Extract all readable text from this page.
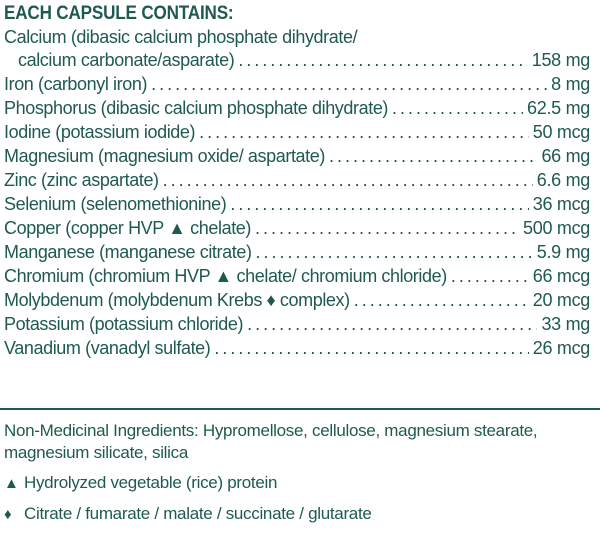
EACH CAPSULE CONTAINS:
Calcium (dibasic calcium phosphate dihydrate/
calcium carbonate/asparate) .....	158 mg
Iron (carbonyl iron) .....	8 mg
Phosphorus (dibasic calcium phosphate dihydrate) .....	62.5 mg
Iodine (potassium iodide) .....	50 mcg
Magnesium (magnesium oxide/ aspartate) .....	66 mg
Zinc (zinc aspartate) .....	6.6 mg
Selenium (selenomethionine) .....	36 mcg
Copper (copper HVP ▲ chelate) .....	500 mcg
Manganese (manganese citrate) .....	5.9 mg
Chromium (chromium HVP ▲ chelate/ chromium chloride) .....	66 mcg
Molybdenum (molybdenum Krebs ♦ complex) .....	20 mcg
Potassium (potassium chloride) .....	33 mg
Vanadium (vanadyl sulfate) .....	26 mcg

Non-Medicinal Ingredients: Hypromellose, cellulose, magnesium stearate, magnesium silicate, silica

▲ Hydrolyzed vegetable (rice) protein

♦ Citrate / fumarate / malate / succinate / glutarate
